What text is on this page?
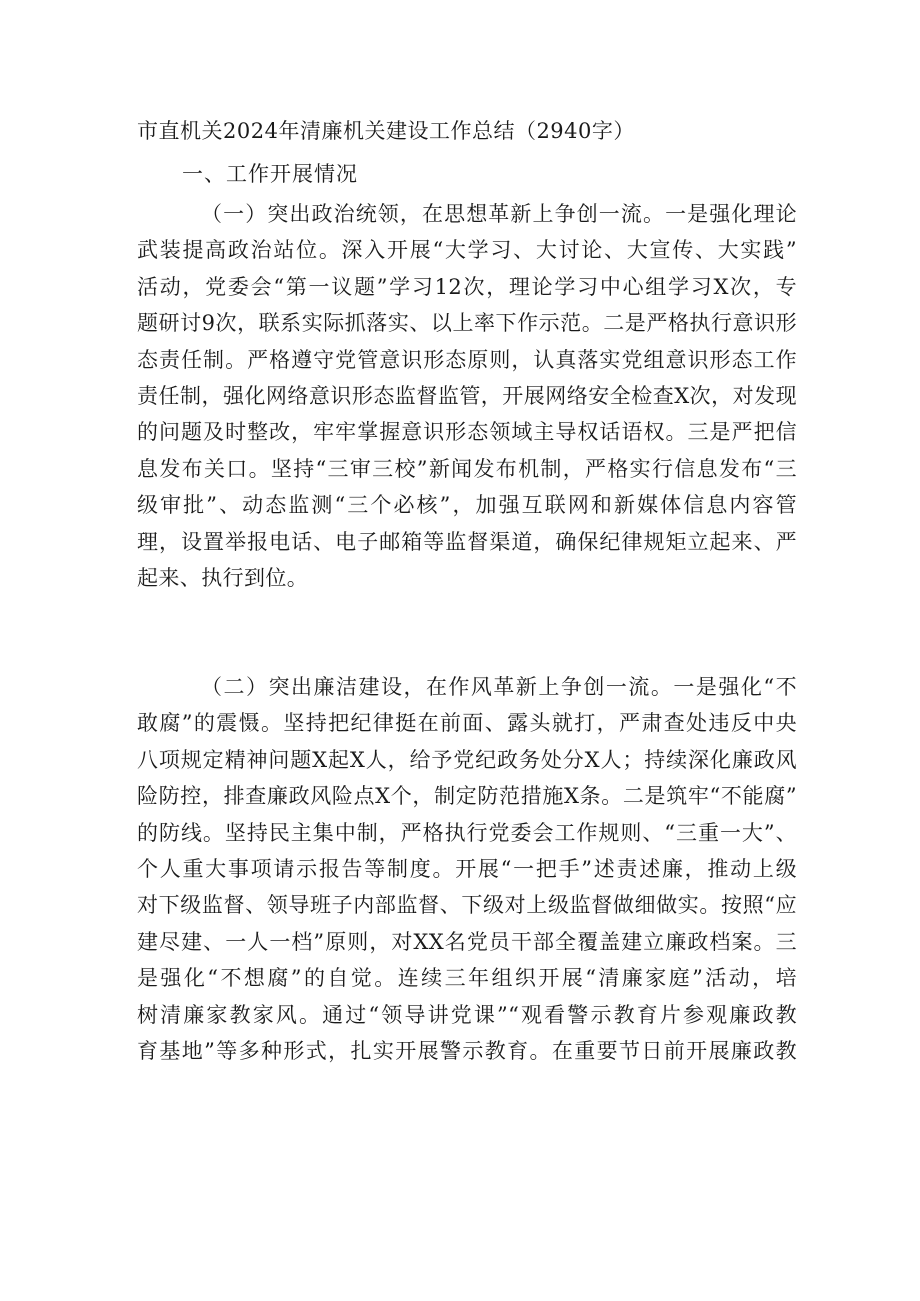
市直机关2024年清廉机关建设工作总结（2940字）
一、工作开展情况
（一）突出政治统领，在思想革新上争创一流。一是强化理论
武装提高政治站位。深入开展“大学习、大讨论、大宣传、大实践”
活动，党委会“第一议题”学习12次，理论学习中心组学习X次，专
题研讨9次，联系实际抓落实、以上率下作示范。二是严格执行意识形
态责任制。严格遵守党管意识形态原则，认真落实党组意识形态工作
责任制，强化网络意识形态监督监管，开展网络安全检查X次，对发现
的问题及时整改，牢牢掌握意识形态领域主导权话语权。三是严把信
息发布关口。坚持“三审三校”新闻发布机制，严格实行信息发布“三
级审批”、动态监测“三个必核”，加强互联网和新媒体信息内容管
理，设置举报电话、电子邮箱等监督渠道，确保纪律规矩立起来、严
起来、执行到位。
（二）突出廉洁建设，在作风革新上争创一流。一是强化“不
敢腐”的震慑。坚持把纪律挺在前面、露头就打，严肃查处违反中央
八项规定精神问题X起X人，给予党纪政务处分X人；持续深化廉政风
险防控，排查廉政风险点X个，制定防范措施X条。二是筑牢“不能腐”
的防线。坚持民主集中制，严格执行党委会工作规则、“三重一大”、
个人重大事项请示报告等制度。开展“一把手”述责述廉，推动上级
对下级监督、领导班子内部监督、下级对上级监督做细做实。按照“应
建尽建、一人一档”原则，对XX名党员干部全覆盖建立廉政档案。三
是强化“不想腐”的自觉。连续三年组织开展“清廉家庭”活动，培
树清廉家教家风。通过“领导讲党课”“观看警示教育片参观廉政教
育基地”等多种形式，扎实开展警示教育。在重要节日前开展廉政教
